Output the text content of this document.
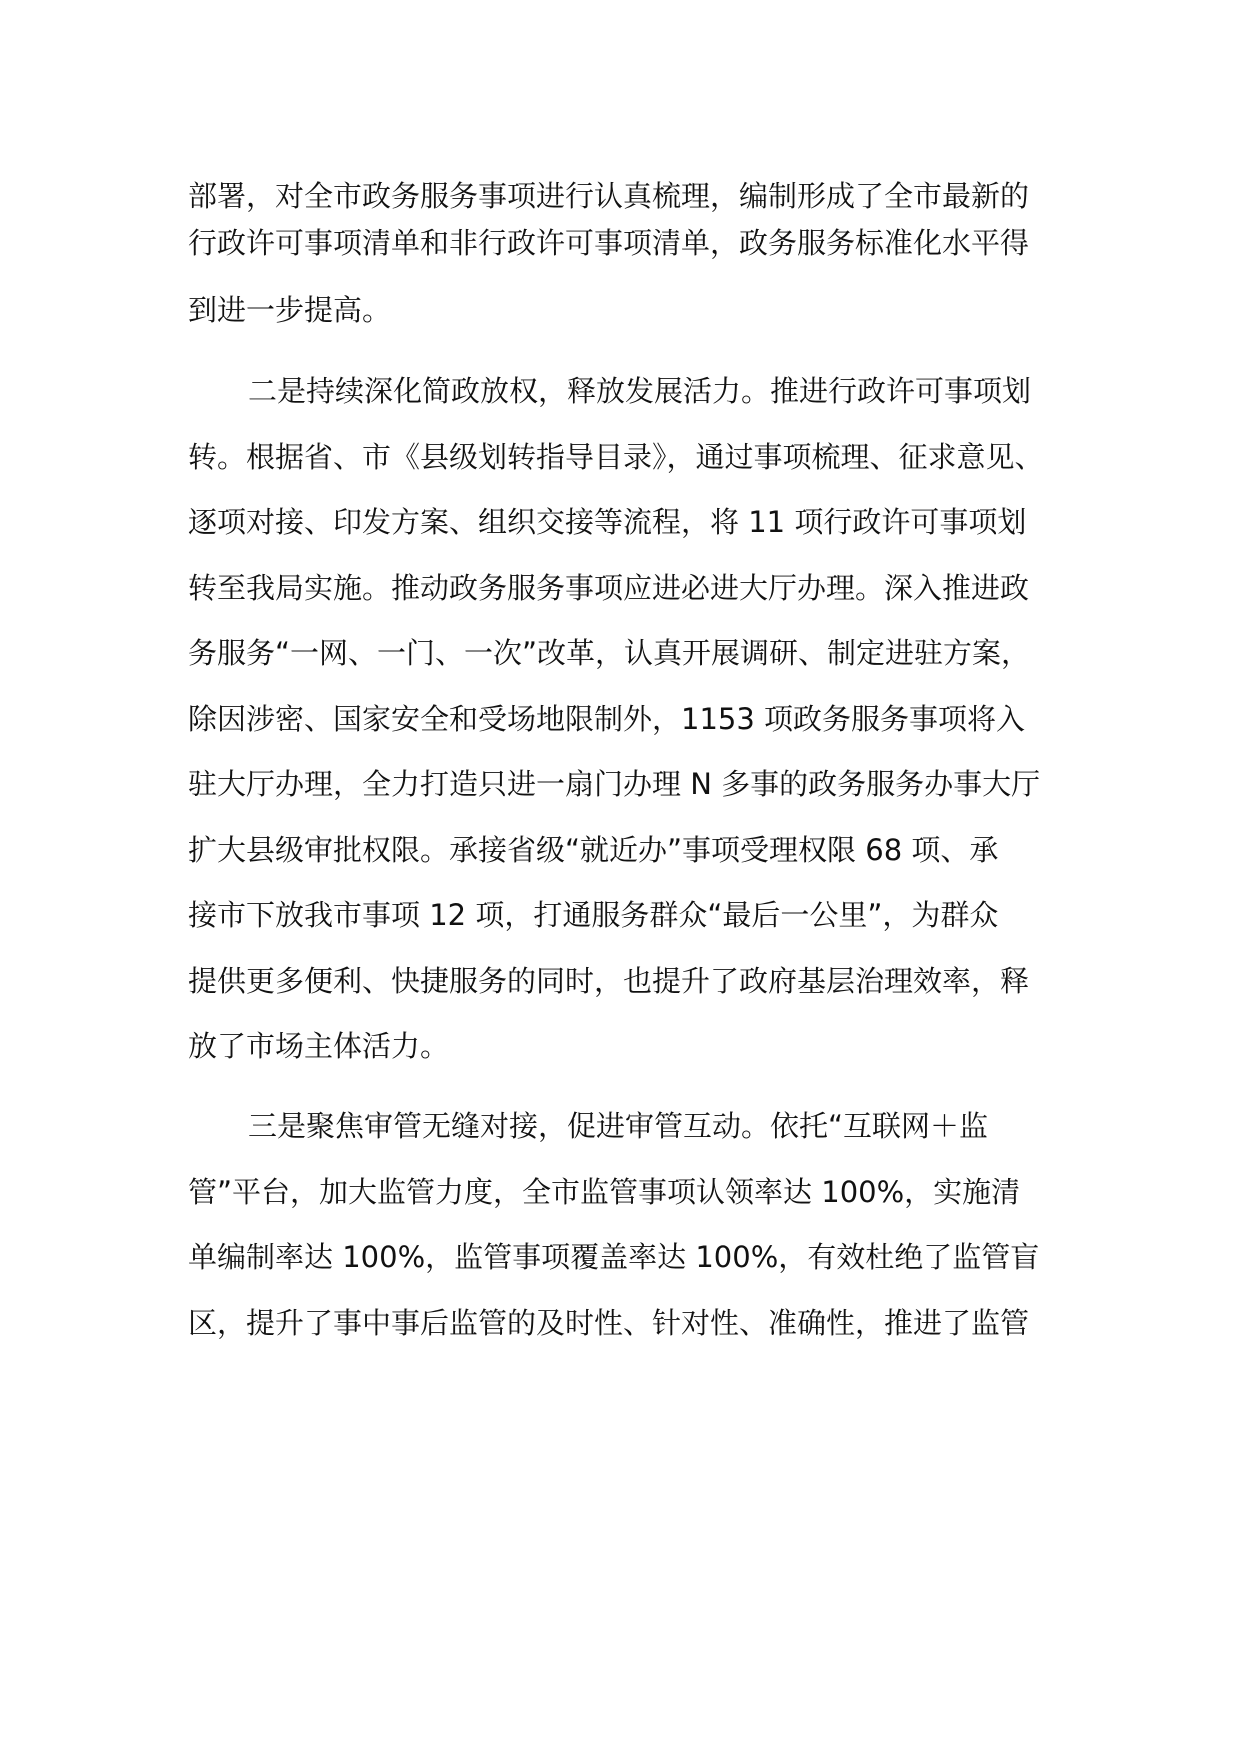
部署，对全市政务服务事项进行认真梳理，编制形成了全市最新的
行政许可事项清单和非行政许可事项清单，政务服务标准化水平得
到进一步提高。
二是持续深化简政放权，释放发展活力。推进行政许可事项划
转。根据省、市《县级划转指导目录》，通过事项梳理、征求意见、
逐项对接、印发方案、组织交接等流程，将 11 项行政许可事项划
转至我局实施。推动政务服务事项应进必进大厅办理。深入推进政
务服务“一网、一门、一次”改革，认真开展调研、制定进驻方案，
除因涉密、国家安全和受场地限制外，1153 项政务服务事项将入
驻大厅办理，全力打造只进一扇门办理 N 多事的政务服务办事大厅
扩大县级审批权限。承接省级“就近办”事项受理权限 68 项、承
接市下放我市事项 12 项，打通服务群众“最后一公里”，为群众
提供更多便利、快捷服务的同时，也提升了政府基层治理效率，释
放了市场主体活力。
三是聚焦审管无缝对接，促进审管互动。依托“互联网＋监
管”平台，加大监管力度，全市监管事项认领率达 100%，实施清
单编制率达 100%，监管事项覆盖率达 100%，有效杜绝了监管盲
区，提升了事中事后监管的及时性、针对性、准确性，推进了监管
